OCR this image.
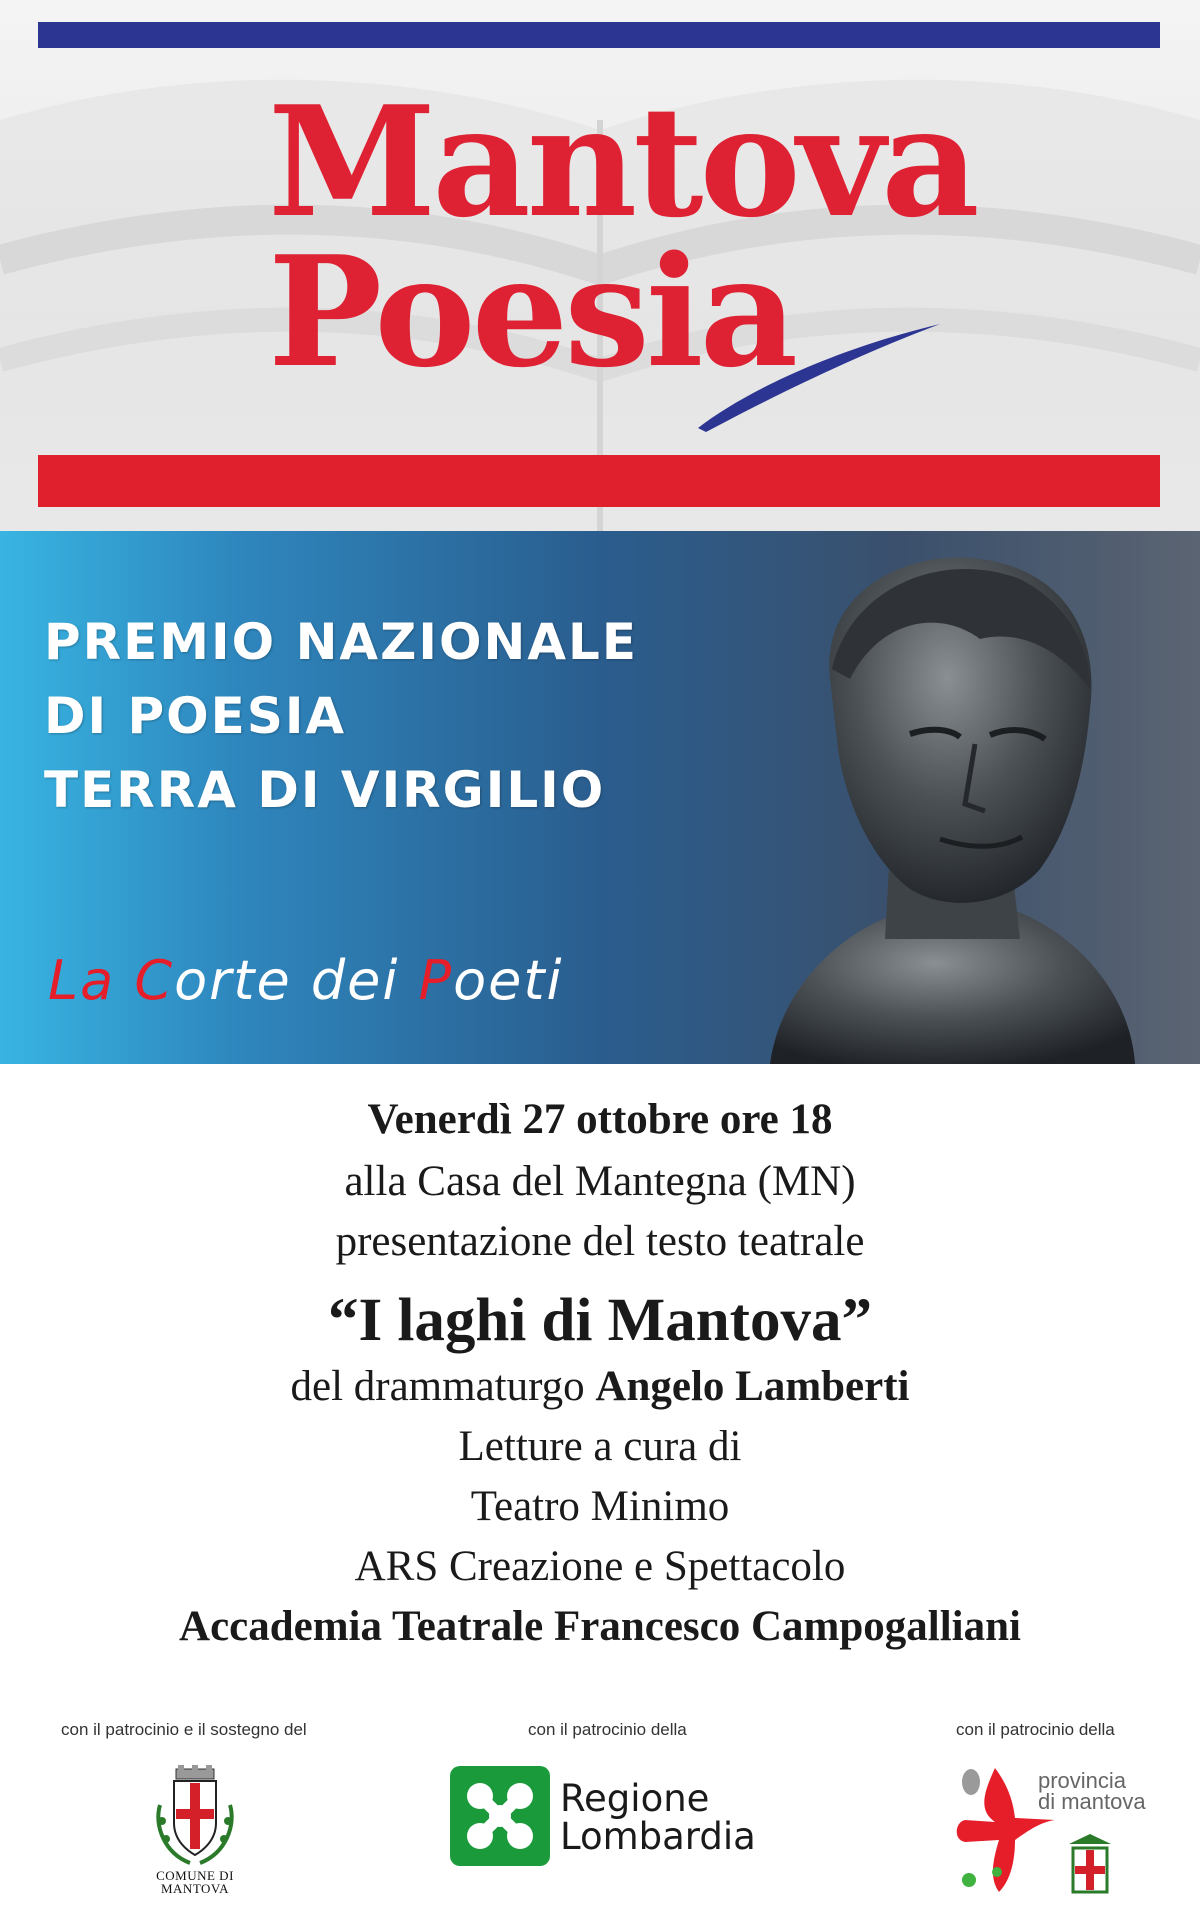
Mantova
Poesia
PREMIO NAZIONALE
DI POESIA
TERRA DI VIRGILIO
La Corte dei Poeti
Venerdì 27 ottobre ore 18
alla Casa del Mantegna (MN)
presentazione del testo teatrale
“I laghi di Mantova”
del drammaturgo Angelo Lamberti
Letture a cura di
Teatro Minimo
ARS Creazione e Spettacolo
Accademia Teatrale Francesco Campogalliani
con il patrocinio e il sostegno del	con il patrocinio della	con il patrocinio della
COMUNE DI
MANTOVA
Regione
Lombardia
provincia
di mantova
